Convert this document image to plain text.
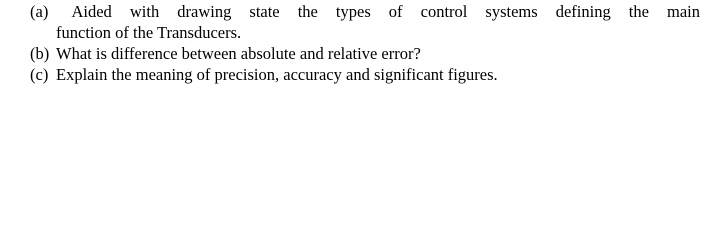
(a) Aided with drawing state the types of control systems defining the main
function of the Transducers.
(b) What is difference between absolute and relative error?
(c) Explain the meaning of precision, accuracy and significant figures.
